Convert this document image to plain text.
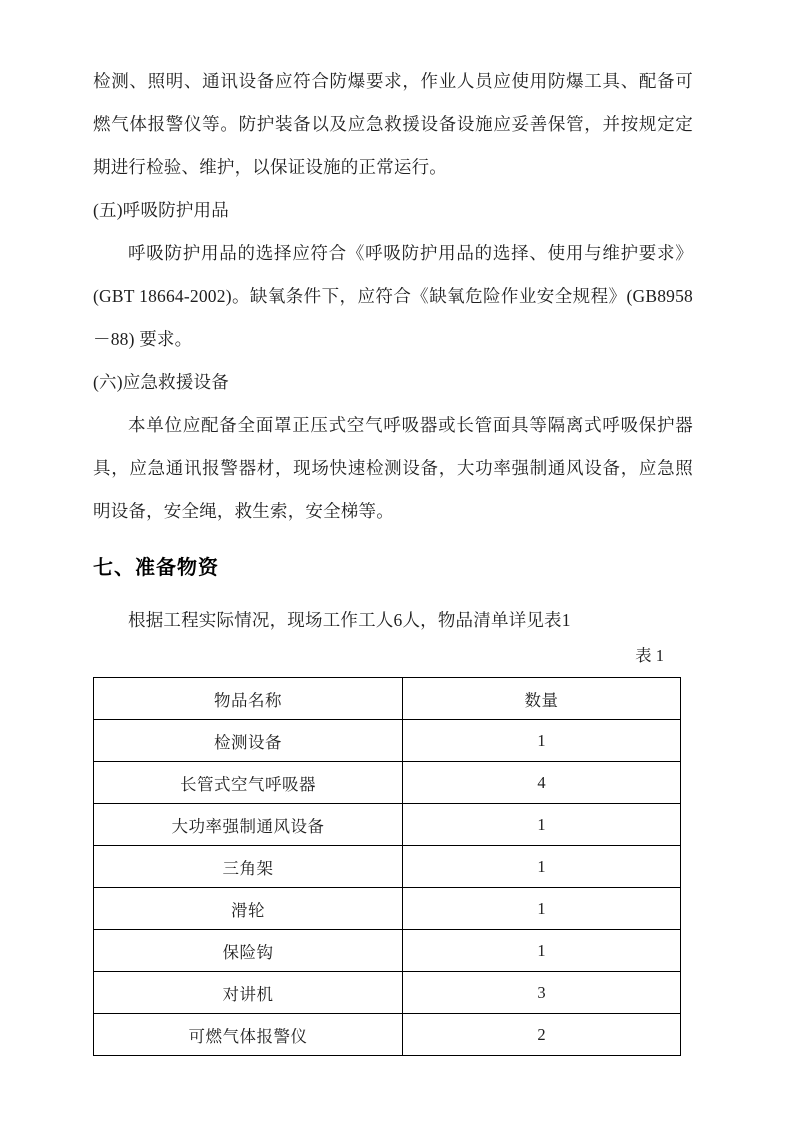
检测、照明、通讯设备应符合防爆要求，作业人员应使用防爆工具、配备可燃气体报警仪等。防护装备以及应急救援设备设施应妥善保管，并按规定定期进行检验、维护，以保证设施的正常运行。

(五)呼吸防护用品

呼吸防护用品的选择应符合《呼吸防护用品的选择、使用与维护要求》(GBT 18664-2002)。缺氧条件下，应符合《缺氧危险作业安全规程》(GB8958－88) 要求。

(六)应急救援设备

本单位应配备全面罩正压式空气呼吸器或长管面具等隔离式呼吸保护器具，应急通讯报警器材，现场快速检测设备，大功率强制通风设备，应急照明设备，安全绳，救生索，安全梯等。

七、准备物资

根据工程实际情况，现场工作工人6人，物品清单详见表1

表 1
物品名称	数量
检测设备	1
长管式空气呼吸器	4
大功率强制通风设备	1
三角架	1
滑轮	1
保险钩	1
对讲机	3
可燃气体报警仪	2
